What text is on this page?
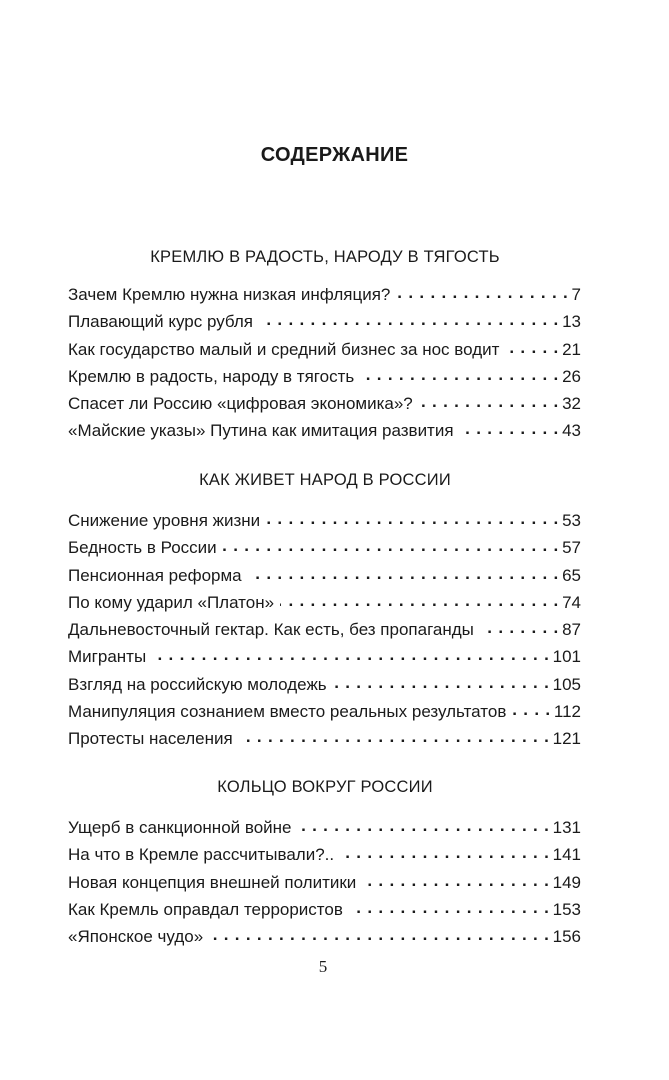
СОДЕРЖАНИЕ
КРЕМЛЮ В РАДОСТЬ, НАРОДУ В ТЯГОСТЬ
Зачем Кремлю нужна низкая инфляция? . . .	7
Плавающий курс рубля . . .	13
Как государство малый и средний бизнес за нос водит . . .	21
Кремлю в радость, народу в тягость . . .	26
Спасет ли Россию «цифровая экономика»? . . .	32
«Майские указы» Путина как имитация развития . . .	43
КАК ЖИВЕТ НАРОД В РОССИИ
Снижение уровня жизни . . .	53
Бедность в России . . .	57
Пенсионная реформа . . .	65
По кому ударил «Платон» . . .	74
Дальневосточный гектар. Как есть, без пропаганды . . .	87
Мигранты . . .	101
Взгляд на российскую молодежь . . .	105
Манипуляция сознанием вместо реальных результатов . . .	112
Протесты населения . . .	121
КОЛЬЦО ВОКРУГ РОССИИ
Ущерб в санкционной войне . . .	131
На что в Кремле рассчитывали?.. . . .	141
Новая концепция внешней политики . . .	149
Как Кремль оправдал террористов . . .	153
«Японское чудо» . . .	156
5
